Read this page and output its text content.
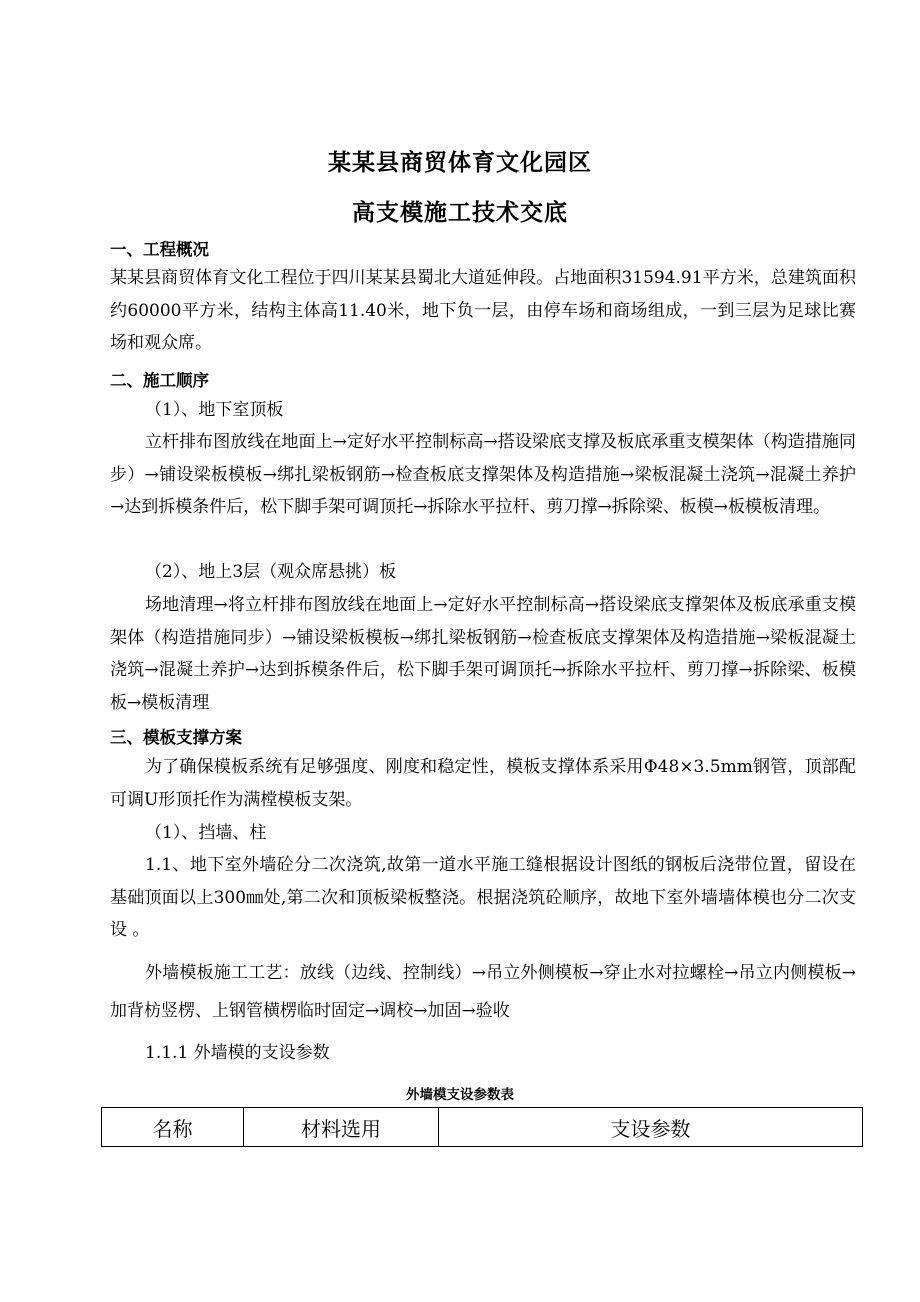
某某县商贸体育文化园区
高支模施工技术交底
一、工程概况
某某县商贸体育文化工程位于四川某某县蜀北大道延伸段。占地面积31594.91平方米，总建筑面积约60000平方米，结构主体高11.40米，地下负一层，由停车场和商场组成，一到三层为足球比赛场和观众席。
二、施工顺序
（1）、地下室顶板
立杆排布图放线在地面上→定好水平控制标高→搭设梁底支撑及板底承重支模架体（构造措施同步）→铺设梁板模板→绑扎梁板钢筋→检查板底支撑架体及构造措施→梁板混凝土浇筑→混凝土养护→达到拆模条件后，松下脚手架可调顶托→拆除水平拉杆、剪刀撑→拆除梁、板模→板模板清理。
（2）、地上3层（观众席悬挑）板
场地清理→将立杆排布图放线在地面上→定好水平控制标高→搭设梁底支撑架体及板底承重支模架体（构造措施同步）→铺设梁板模板→绑扎梁板钢筋→检查板底支撑架体及构造措施→梁板混凝土浇筑→混凝土养护→达到拆模条件后，松下脚手架可调顶托→拆除水平拉杆、剪刀撑→拆除梁、板模板→模板清理
三、模板支撑方案
为了确保模板系统有足够强度、刚度和稳定性，模板支撑体系采用Φ48×3.5mm钢管，顶部配可调U形顶托作为满樘模板支架。
（1）、挡墙、柱
1.1、地下室外墙砼分二次浇筑,故第一道水平施工缝根据设计图纸的钢板后浇带位置，留设在基础顶面以上300㎜处,第二次和顶板梁板整浇。根据浇筑砼顺序，故地下室外墙墙体模也分二次支设 。
外墙模板施工工艺：放线（边线、控制线）→吊立外侧模板→穿止水对拉螺栓→吊立内侧模板→加背枋竖楞、上钢管横楞临时固定→调校→加固→验收
1.1.1 外墙模的支设参数
外墙模支设参数表
名称	材料选用	支设参数
